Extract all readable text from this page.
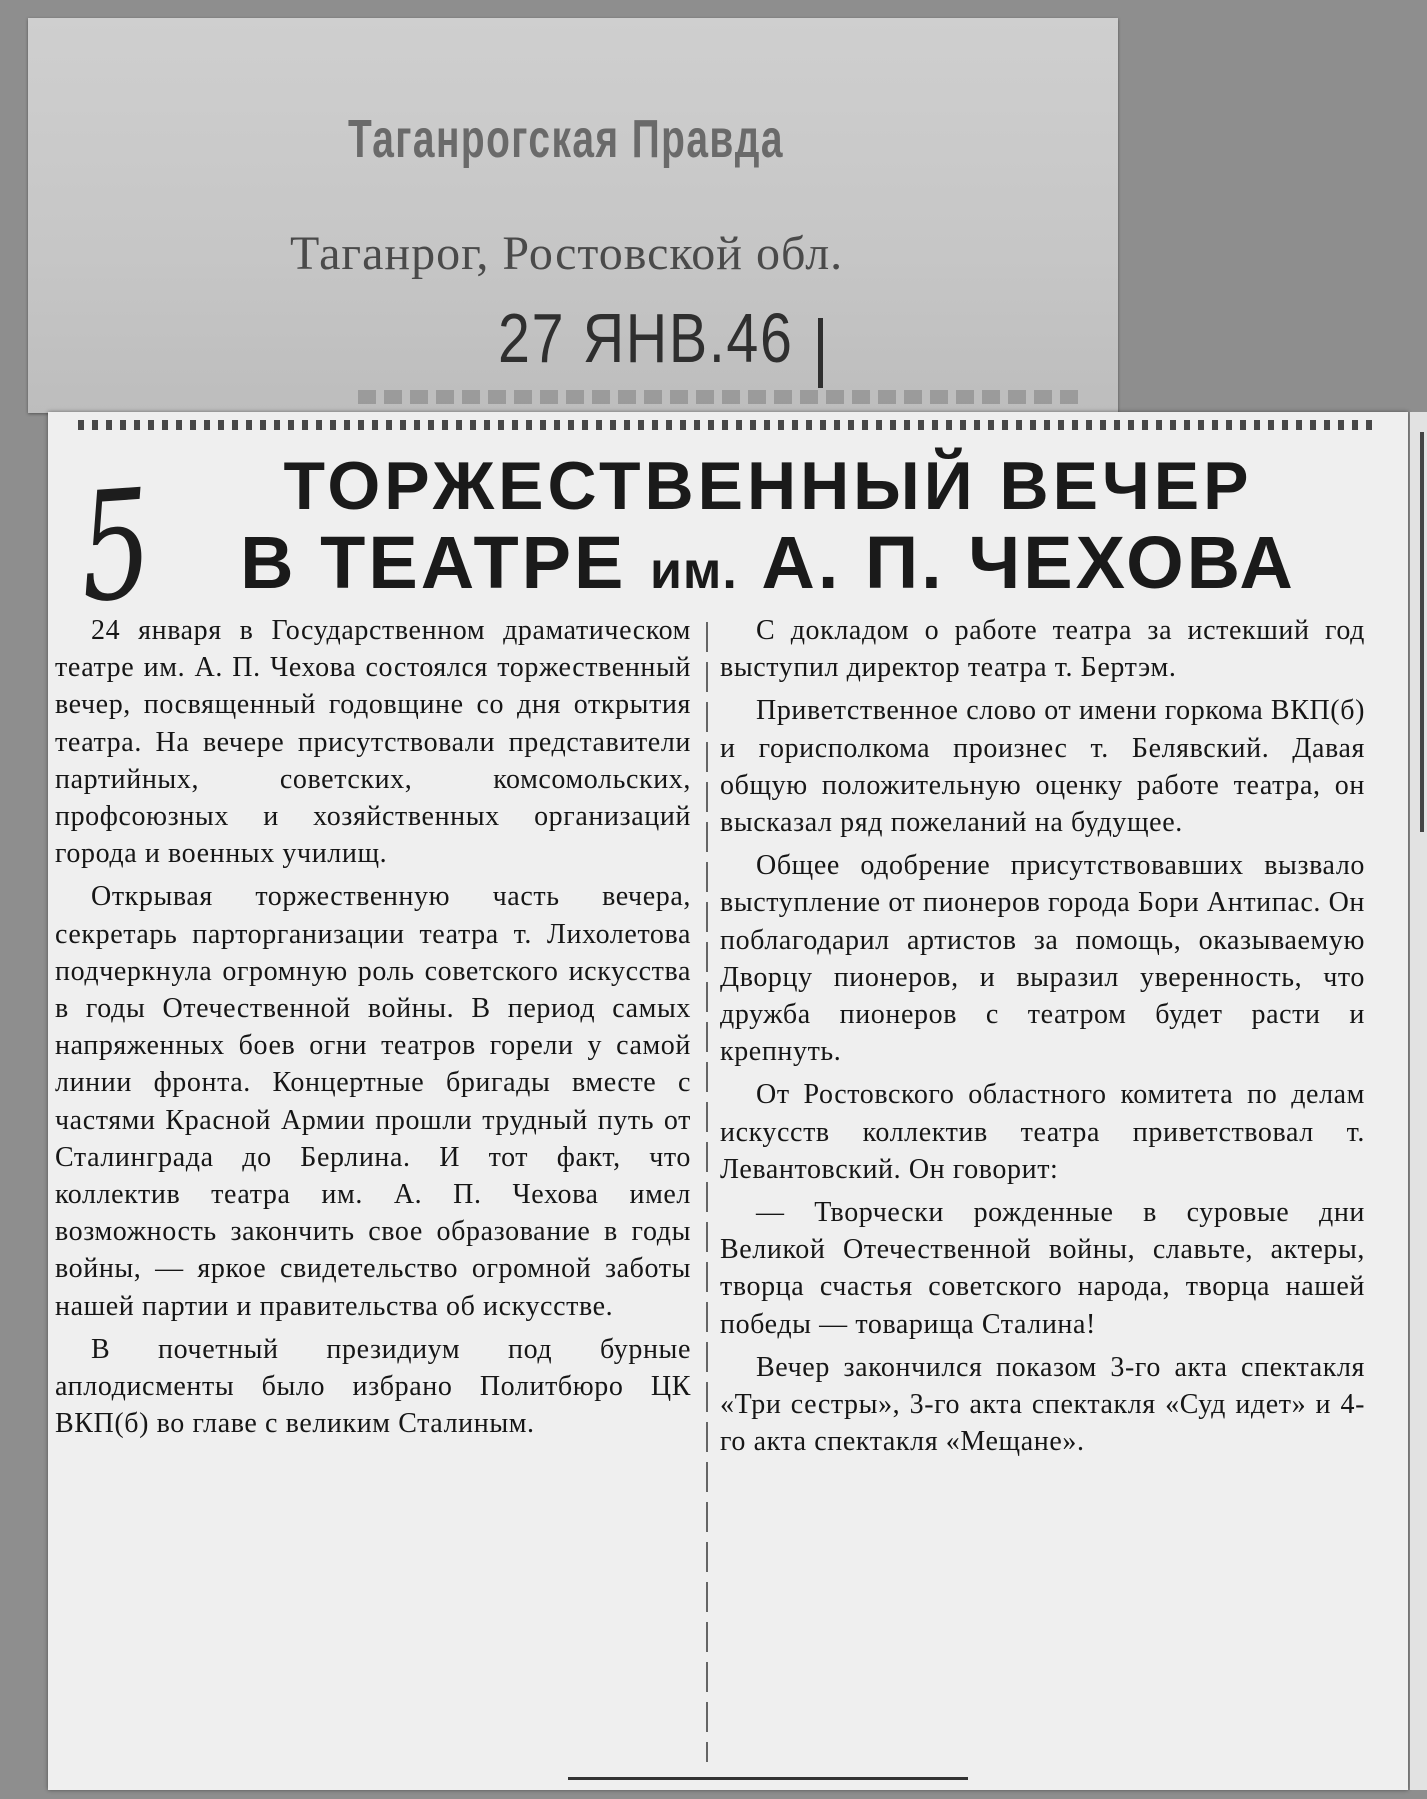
Таганрогская Правда
Таганрог, Ростовской обл.
27 ЯНВ.46
5	ТОРЖЕСТВЕННЫЙ ВЕЧЕР
В ТЕАТРЕ им. А. П. ЧЕХОВА

24 января в Государственном драматическом театре им. А. П. Чехова состоялся торжественный вечер, посвященный годовщине со дня открытия театра. На вечере присутствовали представители партийных, советских, комсомольских, профсоюзных и хозяйственных организаций города и военных училищ.

Открывая торжественную часть вечера, секретарь парторганизации театра т. Лихолетова подчеркнула огромную роль советского искусства в годы Отечественной войны. В период самых напряженных боев огни театров горели у самой линии фронта. Концертные бригады вместе с частями Красной Армии прошли трудный путь от Сталинграда до Берлина. И тот факт, что коллектив театра им. А. П. Чехова имел возможность закончить свое образование в годы войны, — яркое свидетельство огромной заботы нашей партии и правительства об искусстве.

В почетный президиум под бурные аплодисменты было избрано Политбюро ЦК ВКП(б) во главе с великим Сталиным.

С докладом о работе театра за истекший год выступил директор театра т. Бертэм.

Приветственное слово от имени горкома ВКП(б) и горисполкома произнес т. Белявский. Давая общую положительную оценку работе театра, он высказал ряд пожеланий на будущее.

Общее одобрение присутствовавших вызвало выступление от пионеров города Бори Антипас. Он поблагодарил артистов за помощь, оказываемую Дворцу пионеров, и выразил уверенность, что дружба пионеров с театром будет расти и крепнуть.

От Ростовского областного комитета по делам искусств коллектив театра приветствовал т. Левантовский. Он говорит:

— Творчески рожденные в суровые дни Великой Отечественной войны, славьте, актеры, творца счастья советского народа, творца нашей победы — товарища Сталина!

Вечер закончился показом 3-го акта спектакля «Три сестры», 3-го акта спектакля «Суд идет» и 4-го акта спектакля «Мещане».
